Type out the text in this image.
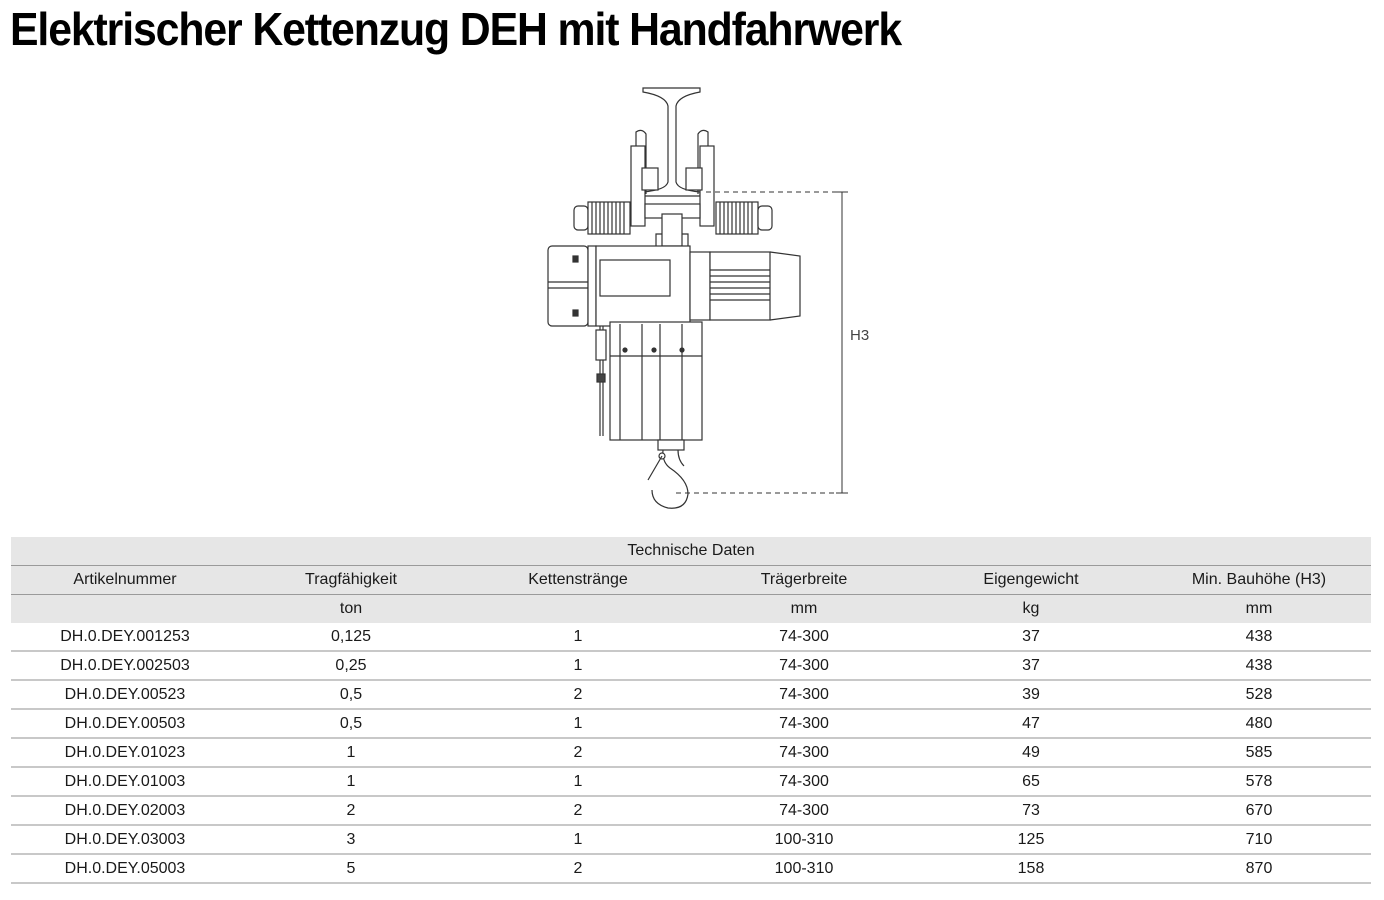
Elektrischer Kettenzug DEH mit Handfahrwerk
H3
Technische Daten					
Artikelnummer	Tragfähigkeit	Kettenstränge	Trägerbreite	Eigengewicht	Min. Bauhöhe (H3)
	ton		mm	kg	mm
DH.0.DEY.001253	0,125	1	74-300	37	438
DH.0.DEY.002503	0,25	1	74-300	37	438
DH.0.DEY.00523	0,5	2	74-300	39	528
DH.0.DEY.00503	0,5	1	74-300	47	480
DH.0.DEY.01023	1	2	74-300	49	585
DH.0.DEY.01003	1	1	74-300	65	578
DH.0.DEY.02003	2	2	74-300	73	670
DH.0.DEY.03003	3	1	100-310	125	710
DH.0.DEY.05003	5	2	100-310	158	870
